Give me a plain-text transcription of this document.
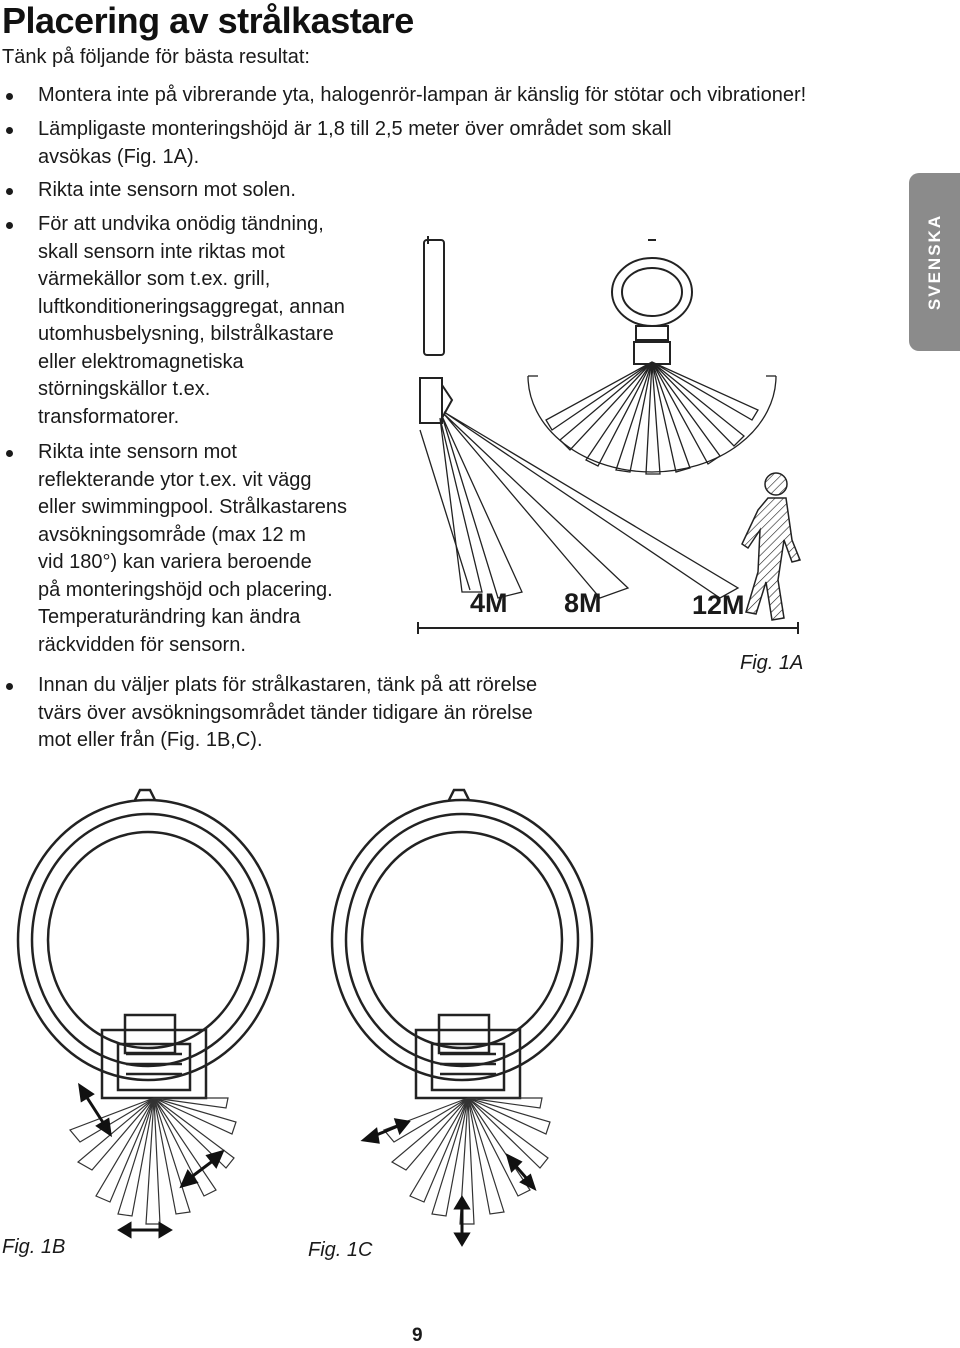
Placering av strålkastare

Tänk på följande för bästa resultat:

Montera inte på vibrerande yta, halogenrör-lampan är känslig för stötar och vibrationer!
Lämpligaste monteringshöjd är 1,8 till 2,5 meter över området som skall
avsökas (Fig. 1A).
Rikta inte sensorn mot solen.
För att undvika onödig tändning,
skall sensorn inte riktas mot
värmekällor som t.ex. grill,
luftkonditioneringsaggregat, annan
utomhusbelysning, bilstrålkastare
eller elektromagnetiska
störningskällor t.ex.
transformatorer.
Rikta inte sensorn mot
reflekterande ytor t.ex. vit vägg
eller swimmingpool. Strålkastarens
avsökningsområde (max 12 m
vid 180°) kan variera beroende
på monteringshöjd och placering.
Temperaturändring kan ändra
räckvidden för sensorn.
Innan du väljer plats för strålkastaren, tänk på att rörelse
tvärs över avsökningsområdet tänder tidigare än rörelse
mot eller från (Fig. 1B,C).
SVENSKA
4M 8M	12M
Fig. 1A
Fig. 1B	Fig. 1C
9
